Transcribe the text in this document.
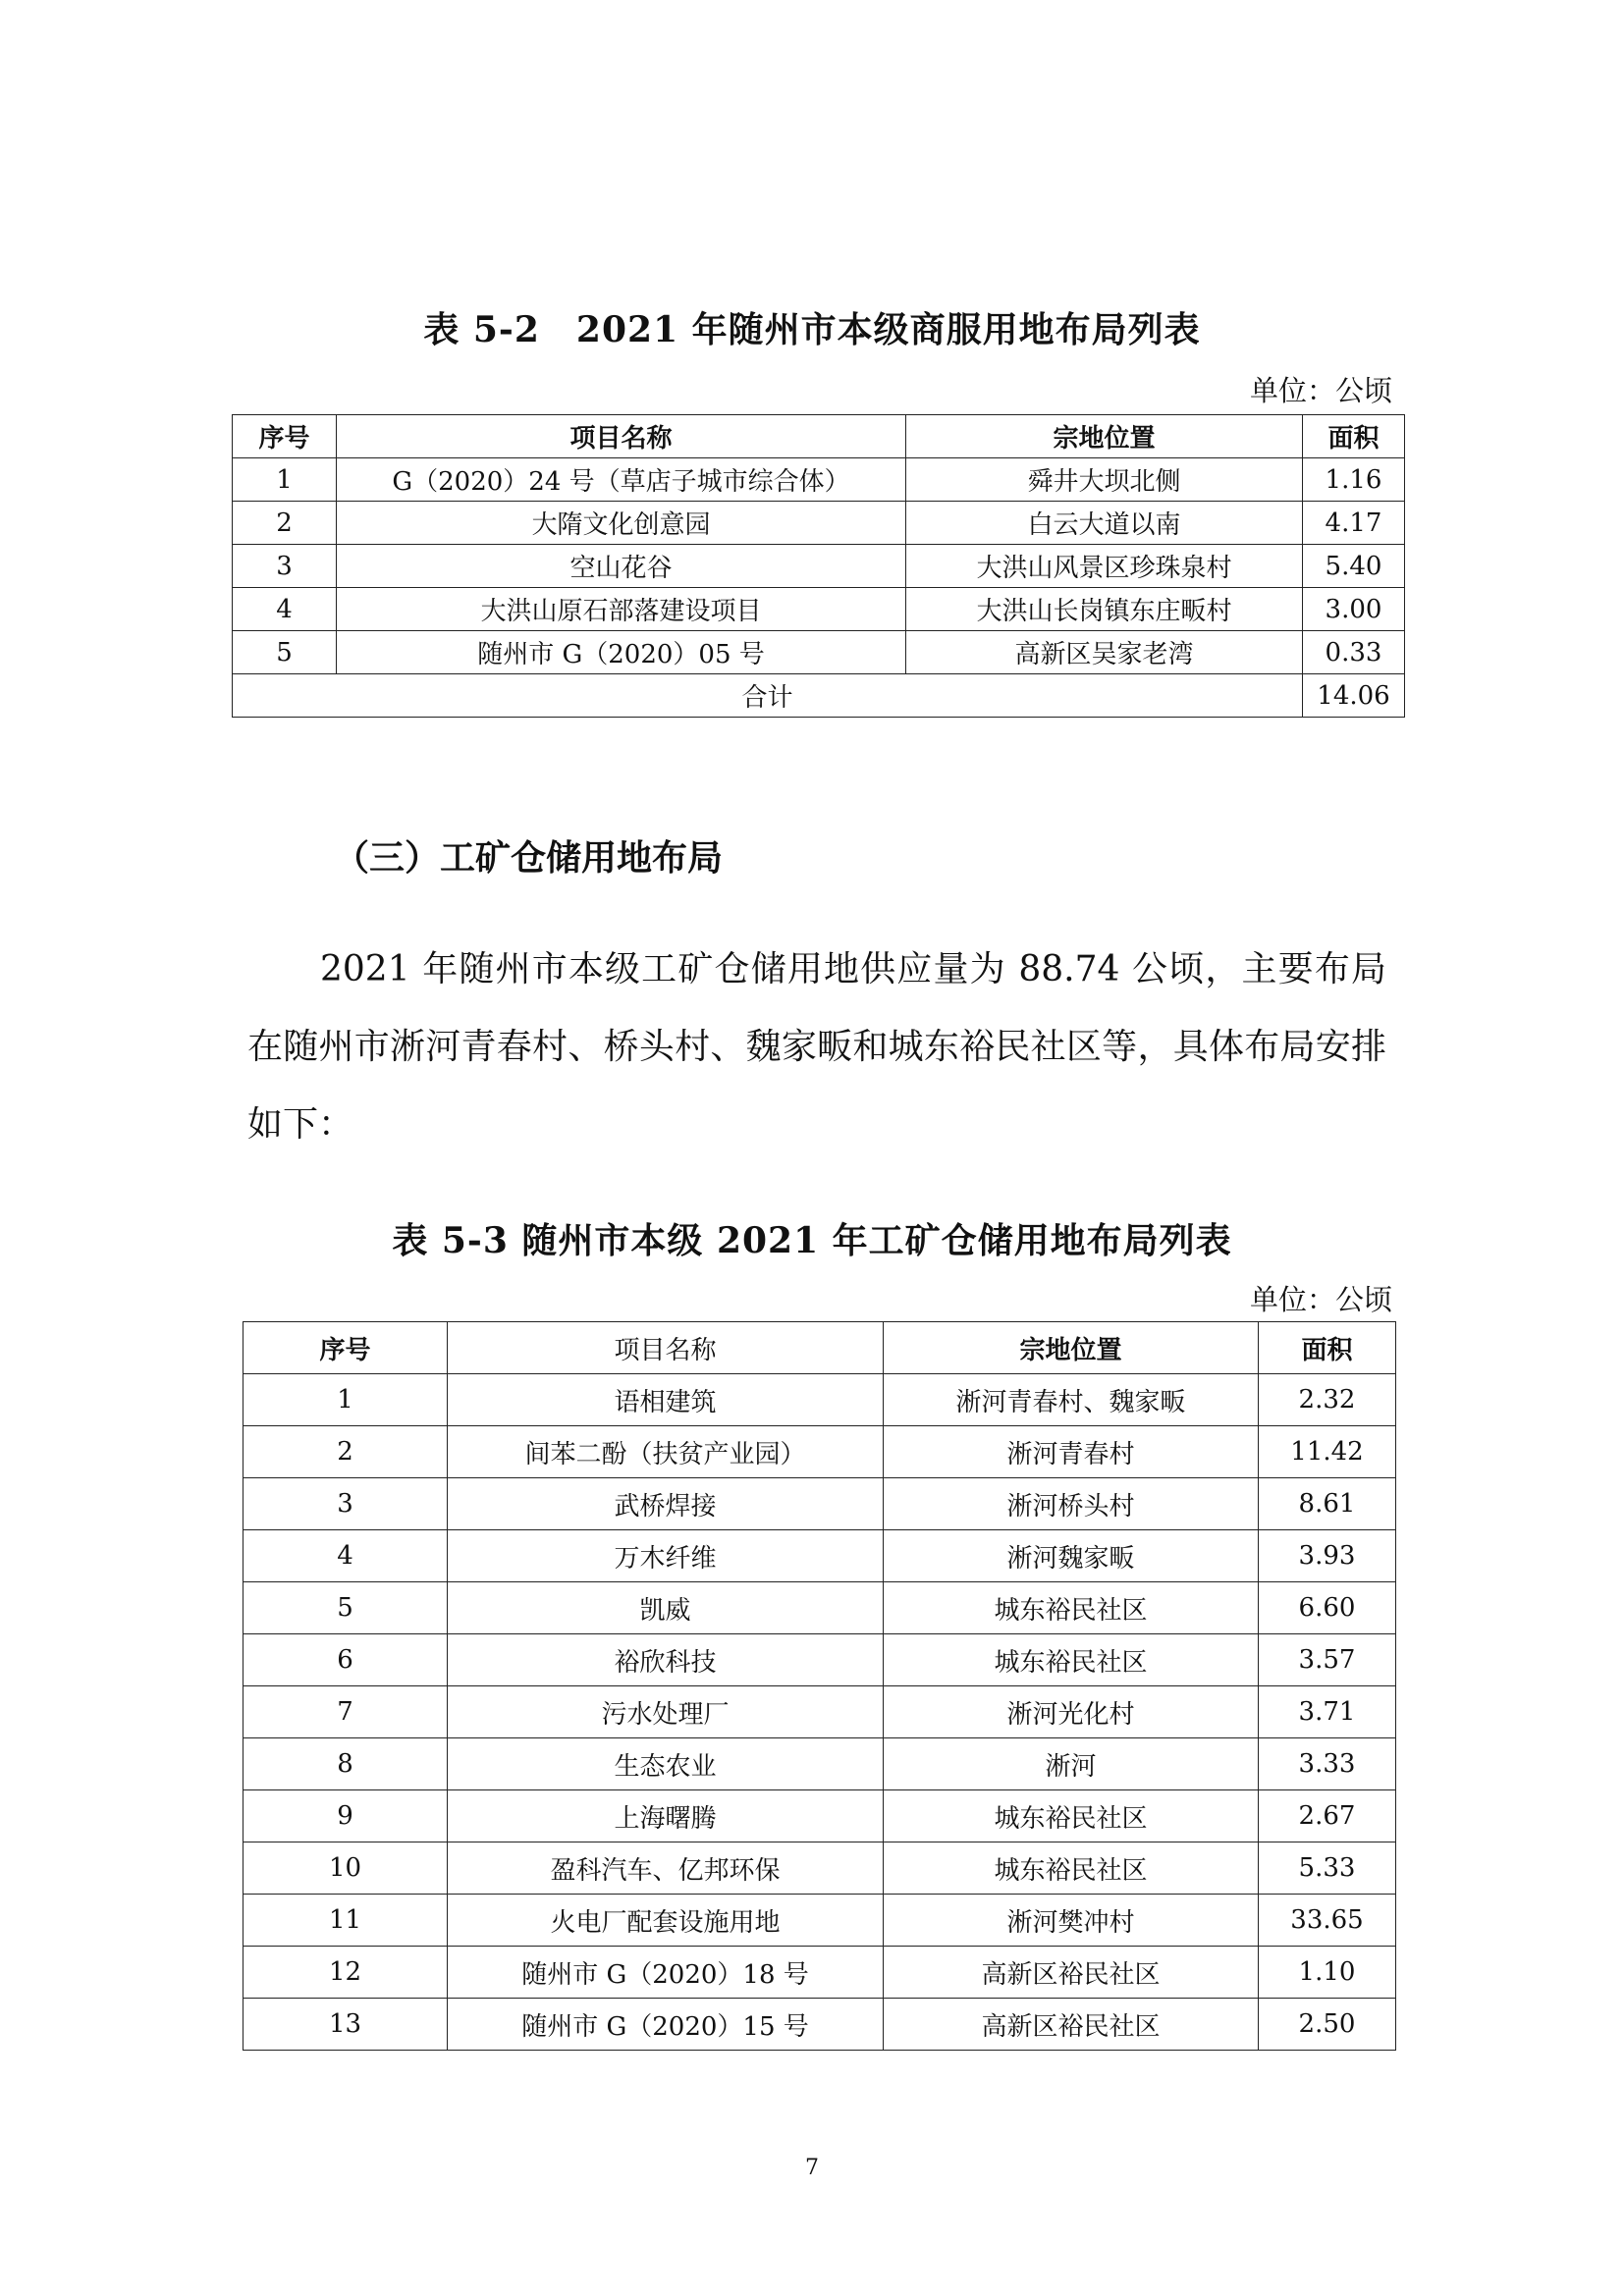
表 5-2　2021 年随州市本级商服用地布局列表
单位：公顷
序号	项目名称	宗地位置	面积
1	G（2020）24 号（草店子城市综合体）	舜井大坝北侧	1.16
2	大隋文化创意园	白云大道以南	4.17
3	空山花谷	大洪山风景区珍珠泉村	5.40
4	大洪山原石部落建设项目	大洪山长岗镇东庄畈村	3.00
5	随州市 G（2020）05 号	高新区吴家老湾	0.33
合计			14.06
（三）工矿仓储用地布局
2021 年随州市本级工矿仓储用地供应量为 88.74 公顷，主要布局在随州市淅河青春村、桥头村、魏家畈和城东裕民社区等，具体布局安排如下：
表 5-3 随州市本级 2021 年工矿仓储用地布局列表
单位：公顷
序号	项目名称	宗地位置	面积
1	语相建筑	淅河青春村、魏家畈	2.32
2	间苯二酚（扶贫产业园）	淅河青春村	11.42
3	武桥焊接	淅河桥头村	8.61
4	万木纤维	淅河魏家畈	3.93
5	凯威	城东裕民社区	6.60
6	裕欣科技	城东裕民社区	3.57
7	污水处理厂	淅河光化村	3.71
8	生态农业	淅河	3.33
9	上海曙腾	城东裕民社区	2.67
10	盈科汽车、亿邦环保	城东裕民社区	5.33
11	火电厂配套设施用地	淅河樊冲村	33.65
12	随州市 G（2020）18 号	高新区裕民社区	1.10
13	随州市 G（2020）15 号	高新区裕民社区	2.50
7
